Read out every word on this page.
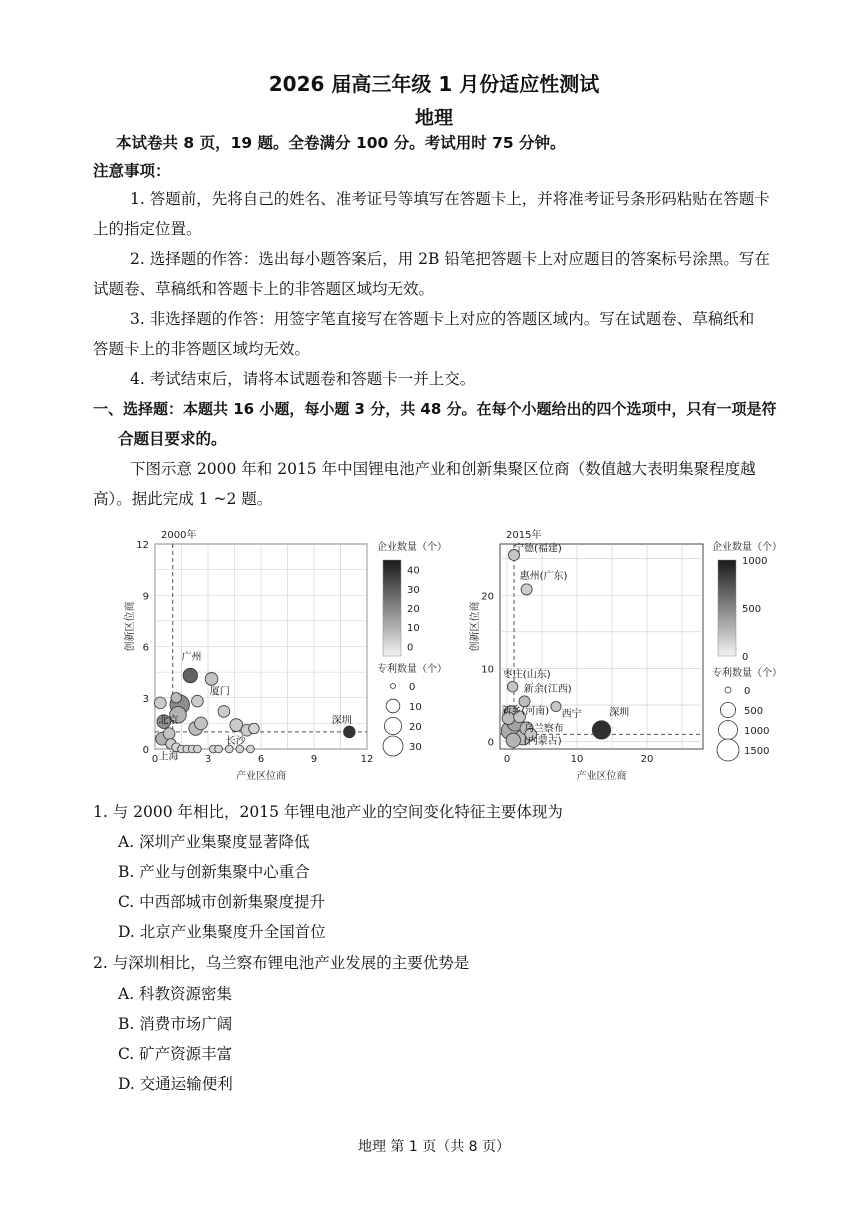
2026 届高三年级 1 月份适应性测试
地理
本试卷共 8 页，19 题。全卷满分 100 分。考试用时 75 分钟。
注意事项：
1. 答题前，先将自己的姓名、准考证号等填写在答题卡上，并将准考证号条形码粘贴在答题卡
上的指定位置。
2. 选择题的作答：选出每小题答案后，用 2B 铅笔把答题卡上对应题目的答案标号涂黑。写在
试题卷、草稿纸和答题卡上的非答题区域均无效。
3. 非选择题的作答：用签字笔直接写在答题卡上对应的答题区域内。写在试题卷、草稿纸和
答题卡上的非答题区域均无效。
4. 考试结束后，请将本试题卷和答题卡一并上交。
一、选择题：本题共 16 小题，每小题 3 分，共 48 分。在每个小题给出的四个选项中，只有一项是符
合题目要求的。
下图示意 2000 年和 2015 年中国锂电池产业和创新集聚区位商（数值越大表明集聚程度越
高）。据此完成 1 ~2 题。
0	3	6	9	12
0
3
6
9
12
2000年
产业区位商
创新区位商
广州
厦门
北京
上海
长沙
深圳
企业数量（个）
40
30
20
10
0
专利数量（个）
0
10
20
30
0	10	20
0
10
20
2015年
产业区位商
创新区位商
宁德(福建)
惠州(广东)
枣庄(山东)
新余(江西)
新乡(河南) 西宁	深圳
乌兰察布
(内蒙古)
企业数量（个）
1000
500
0
专利数量（个）
0
500
1000
1500
1. 与 2000 年相比，2015 年锂电池产业的空间变化特征主要体现为
A. 深圳产业集聚度显著降低
B. 产业与创新集聚中心重合
C. 中西部城市创新集聚度提升
D. 北京产业集聚度升全国首位
2. 与深圳相比，乌兰察布锂电池产业发展的主要优势是
A. 科教资源密集
B. 消费市场广阔
C. 矿产资源丰富
D. 交通运输便利
地理 第 1 页（共 8 页）
